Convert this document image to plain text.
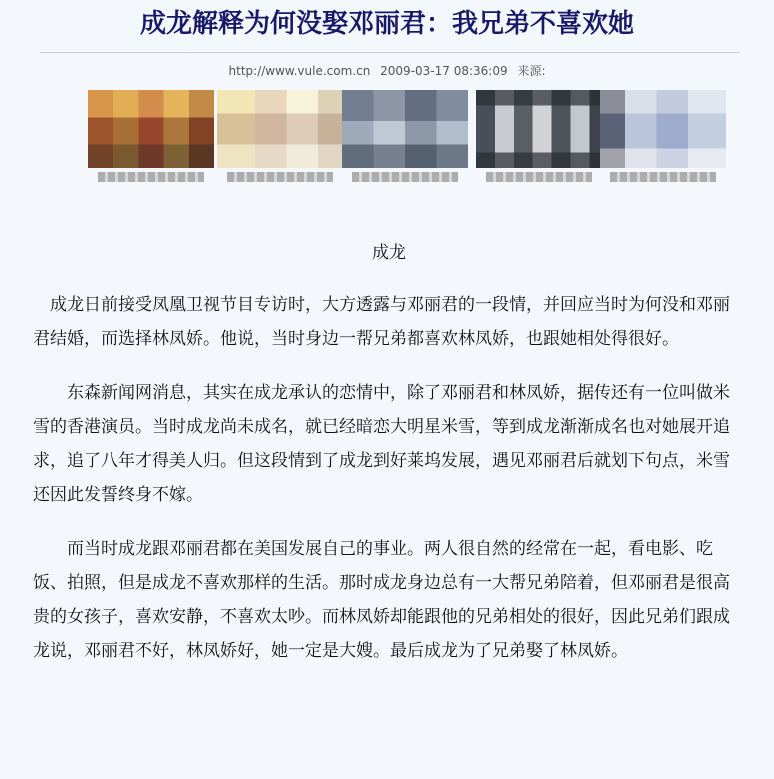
成龙解释为何没娶邓丽君：我兄弟不喜欢她
http://www.vule.com.cn 2009-03-17 08:36:09 来源:
成龙

成龙日前接受凤凰卫视节目专访时，大方透露与邓丽君的一段情，并回应当时为何没和邓丽君结婚，而选择林凤娇。他说，当时身边一帮兄弟都喜欢林凤娇，也跟她相处得很好。

东森新闻网消息，其实在成龙承认的恋情中，除了邓丽君和林凤娇，据传还有一位叫做米雪的香港演员。当时成龙尚未成名，就已经暗恋大明星米雪，等到成龙渐渐成名也对她展开追求，追了八年才得美人归。但这段情到了成龙到好莱坞发展，遇见邓丽君后就划下句点，米雪还因此发誓终身不嫁。

而当时成龙跟邓丽君都在美国发展自己的事业。两人很自然的经常在一起，看电影、吃饭、拍照，但是成龙不喜欢那样的生活。那时成龙身边总有一大帮兄弟陪着，但邓丽君是很高贵的女孩子，喜欢安静，不喜欢太吵。而林凤娇却能跟他的兄弟相处的很好，因此兄弟们跟成龙说，邓丽君不好，林凤娇好，她一定是大嫂。最后成龙为了兄弟娶了林凤娇。
